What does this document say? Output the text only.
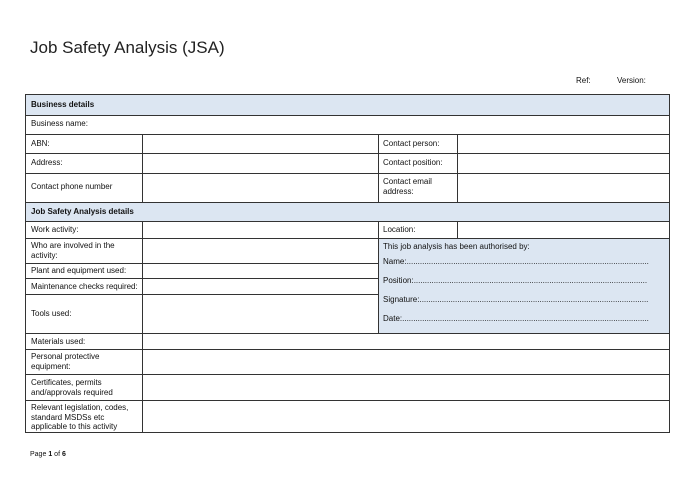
Job Safety Analysis (JSA)
Ref:	Version:
Business details
Business name:
ABN:
Address:
Contact phone number
Contact person:
Contact position:
Contact email address:
Job Safety Analysis details
Work activity:	Location:
Who are involved in the activity:
Plant and equipment used:
Maintenance checks required:
Tools used:
Materials used:
Personal protective equipment:
Certificates, permits and/approvals required
Relevant legislation, codes, standard MSDSs etc applicable to this activity
This job analysis has been authorised by:
Name:.............................................................................................................
Position:.........................................................................................................
Signature:.......................................................................................................
Date:...............................................................................................................
Page 1 of 6
